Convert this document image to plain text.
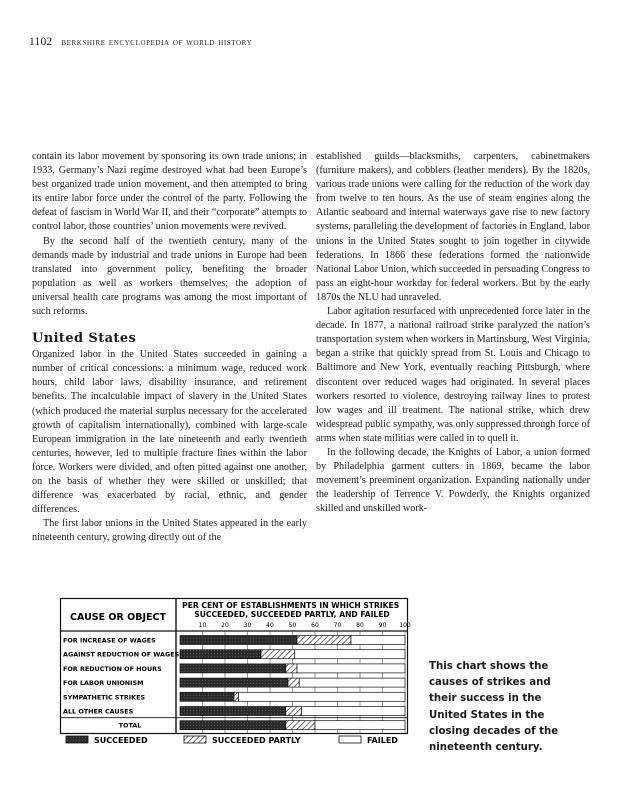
1102 berkshire encyclopedia of world history

contain its labor movement by sponsoring its own trade unions; in 1933, Germany’s Nazi regime destroyed what had been Europe’s best organized trade union movement, and then attempted to bring its entire labor force under the control of the party. Following the defeat of fascism in World War II, and their “corporate” attempts to control labor, those countries’ union movements were revived.

By the second half of the twentieth century, many of the demands made by industrial and trade unions in Europe had been translated into government policy, benefiting the broader population as well as workers themselves; the adoption of universal health care programs was among the most important of such reforms.

United States

Organized labor in the United States succeeded in gaining a number of critical concessions: a minimum wage, reduced work hours, child labor laws, disability insurance, and retirement benefits. The incalculable impact of slavery in the United States (which produced the material surplus necessary for the accelerated growth of capitalism internationally), combined with large-scale European immigration in the late nineteenth and early twentieth centuries, however, led to multiple fracture lines within the labor force. Workers were divided, and often pitted against one another, on the basis of whether they were skilled or unskilled; that difference was exacerbated by racial, ethnic, and gender differences.

The first labor unions in the United States appeared in the early nineteenth century, growing directly out of the

established guilds—blacksmiths, carpenters, cabinetmakers (furniture makers), and cobblers (leather menders). By the 1820s, various trade unions were calling for the reduction of the work day from twelve to ten hours. As the use of steam engines along the Atlantic seaboard and internal waterways gave rise to new factory systems, paralleling the development of factories in England, labor unions in the United States sought to join together in citywide federations. In 1866 these federations formed the nationwide National Labor Union, which succeeded in persuading Congress to pass an eight-hour workday for federal workers. But by the early 1870s the NLU had unraveled.

Labor agitation resurfaced with unprecedented force later in the decade. In 1877, a national railroad strike paralyzed the nation’s transportation system when workers in Martinsburg, West Virginia, began a strike that quickly spread from St. Louis and Chicago to Baltimore and New York, eventually reaching Pittsburgh, where discontent over reduced wages had originated. In several places workers resorted to violence, destroying railway lines to protest low wages and ill treatment. The national strike, which drew widespread public sympathy, was only suppressed through force of arms when state militias were called in to quell it.

In the following decade, the Knights of Labor, a union formed by Philadelphia garment cutters in 1869, became the labor movement’s preeminent organization. Expanding nationally under the leadership of Terrence V. Powderly, the Knights organized skilled and unskilled work-

CAUSE OR OBJECT
PER CENT OF ESTABLISHMENTS IN WHICH STRIKES SUCCEEDED, SUCCEEDED PARTLY, AND FAILED
10 20 30 40 50 60 70 80 90 100
FOR INCREASE OF WAGES
AGAINST REDUCTION OF WAGES
FOR REDUCTION OF HOURS
FOR LABOR UNIONISM
SYMPATHETIC STRIKES
ALL OTHER CAUSES
TOTAL
SUCCEEDED	SUCCEEDED PARTLY	FAILED
This chart shows the causes of strikes and their success in the United States in the closing decades of the nineteenth century.
